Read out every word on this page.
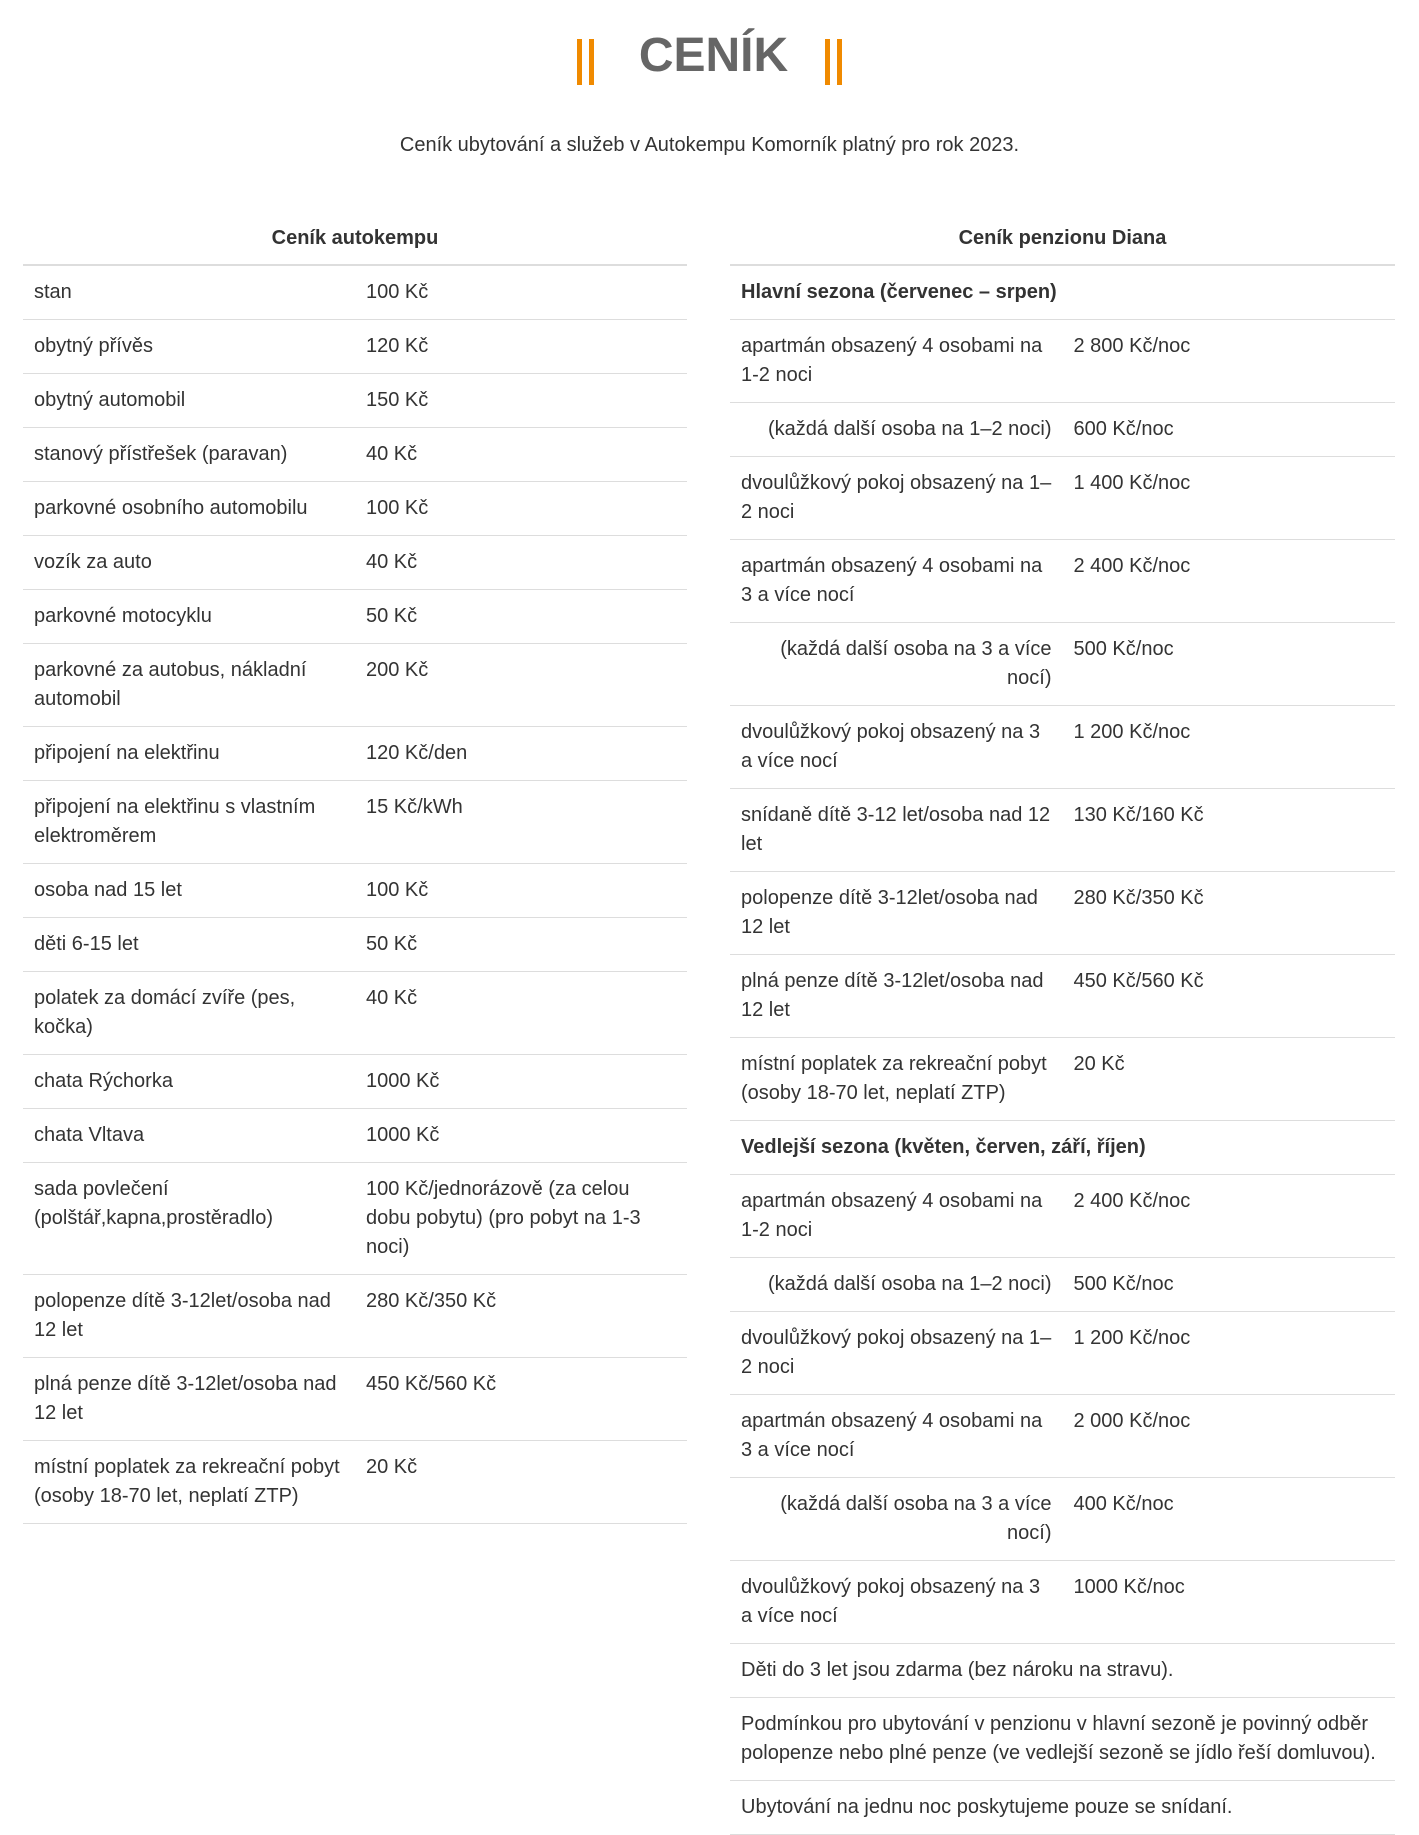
CENÍK
Ceník ubytování a služeb v Autokempu Komorník platný pro rok 2023.
Ceník autokempu	
stan	100 Kč
obytný přívěs	120 Kč
obytný automobil	150 Kč
stanový přístřešek (paravan)	40 Kč
parkovné osobního automobilu	100 Kč
vozík za auto	40 Kč
parkovné motocyklu	50 Kč
parkovné za autobus, nákladní automobil	200 Kč
připojení na elektřinu	120 Kč/den
připojení na elektřinu s vlastním elektroměrem	15 Kč/kWh
osoba nad 15 let	100 Kč
děti 6-15 let	50 Kč
polatek za domácí zvíře (pes, kočka)	40 Kč
chata Rýchorka	1000 Kč
chata Vltava	1000 Kč
sada povlečení (polštář,kapna,prostěradlo)	100 Kč/jednorázově (za celou dobu pobytu) (pro pobyt na 1-3 noci)
polopenze dítě 3-12let/osoba nad 12 let	280 Kč/350 Kč
plná penze dítě 3-12let/osoba nad 12 let	450 Kč/560 Kč
místní poplatek za rekreační pobyt (osoby 18-70 let, neplatí ZTP)	20 Kč
Ceník penzionu Diana	
Hlavní sezona (červenec – srpen)	
apartmán obsazený 4 osobami na 1-2 noci	2 800 Kč/noc
(každá další osoba na 1–2 noci)	600 Kč/noc
dvoulůžkový pokoj obsazený na 1–2 noci	1 400 Kč/noc
apartmán obsazený 4 osobami na 3 a více nocí	2 400 Kč/noc
(každá další osoba na 3 a více nocí)	500 Kč/noc
dvoulůžkový pokoj obsazený na 3 a více nocí	1 200 Kč/noc
snídaně dítě 3-12 let/osoba nad 12 let	130 Kč/160 Kč
polopenze dítě 3-12let/osoba nad 12 let	280 Kč/350 Kč
plná penze dítě 3-12let/osoba nad 12 let	450 Kč/560 Kč
místní poplatek za rekreační pobyt (osoby 18-70 let, neplatí ZTP)	20 Kč
Vedlejší sezona (květen, červen, září, říjen)	
apartmán obsazený 4 osobami na 1-2 noci	2 400 Kč/noc
(každá další osoba na 1–2 noci)	500 Kč/noc
dvoulůžkový pokoj obsazený na 1–2 noci	1 200 Kč/noc
apartmán obsazený 4 osobami na 3 a více nocí	2 000 Kč/noc
(každá další osoba na 3 a více nocí)	400 Kč/noc
dvoulůžkový pokoj obsazený na 3 a více nocí	1000 Kč/noc
Děti do 3 let jsou zdarma (bez nároku na stravu).	
Podmínkou pro ubytování v penzionu v hlavní sezoně je povinný odběr polopenze nebo plné penze (ve vedlejší sezoně se jídlo řeší domluvou).	
Ubytování na jednu noc poskytujeme pouze se snídaní.	
